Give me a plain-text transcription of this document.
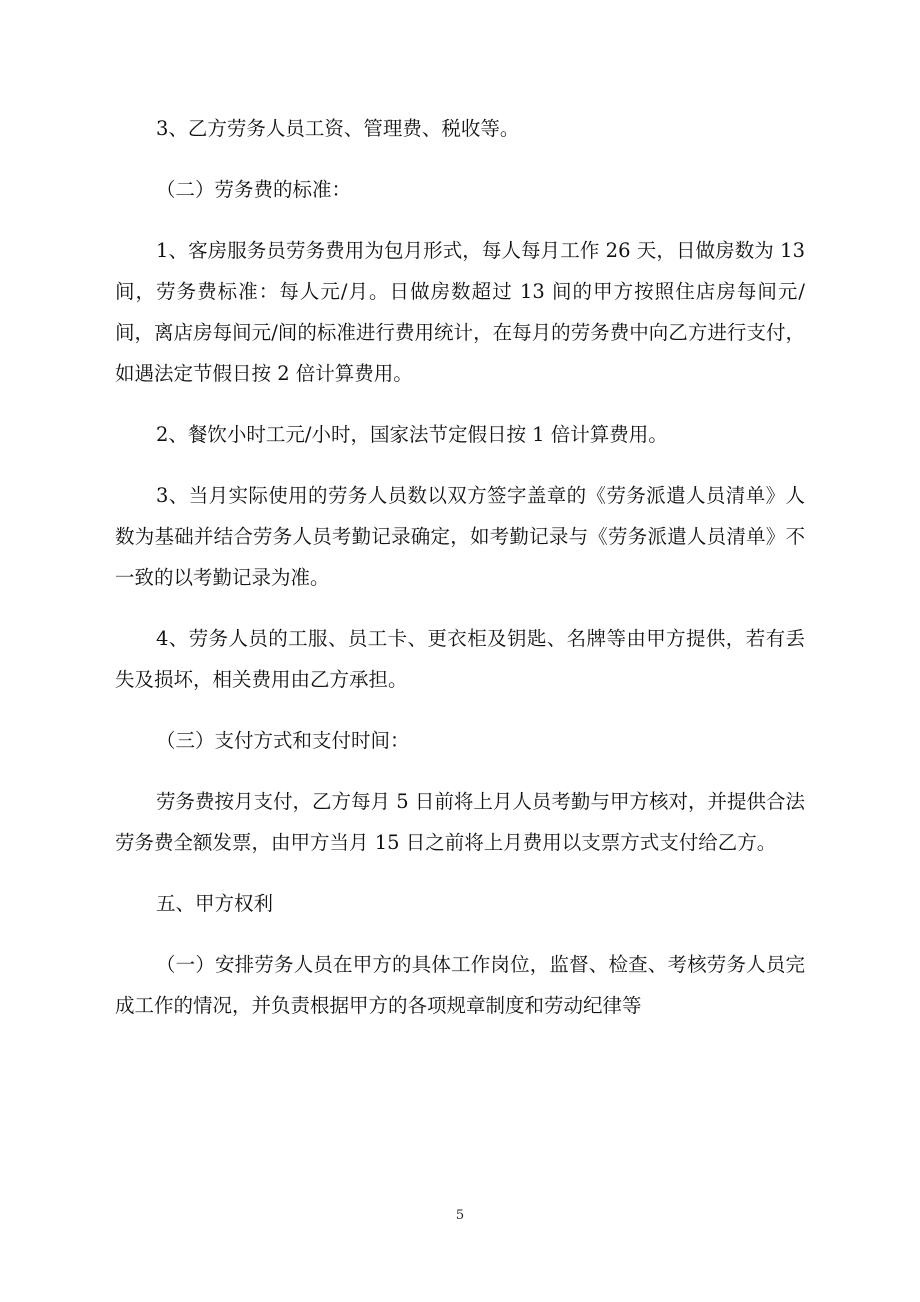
3、乙方劳务人员工资、管理费、税收等。

（二）劳务费的标准：

1、客房服务员劳务费用为包月形式，每人每月工作 26 天，日做房数为 13 间，劳务费标准：每人元/月。日做房数超过 13 间的甲方按照住店房每间元/间，离店房每间元/间的标准进行费用统计，在每月的劳务费中向乙方进行支付，如遇法定节假日按 2 倍计算费用。

2、餐饮小时工元/小时，国家法节定假日按 1 倍计算费用。

3、当月实际使用的劳务人员数以双方签字盖章的《劳务派遣人员清单》人数为基础并结合劳务人员考勤记录确定，如考勤记录与《劳务派遣人员清单》不一致的以考勤记录为准。

4、劳务人员的工服、员工卡、更衣柜及钥匙、名牌等由甲方提供，若有丢失及损坏，相关费用由乙方承担。

（三）支付方式和支付时间：

劳务费按月支付，乙方每月 5 日前将上月人员考勤与甲方核对，并提供合法劳务费全额发票，由甲方当月 15 日之前将上月费用以支票方式支付给乙方。

五、甲方权利

（一）安排劳务人员在甲方的具体工作岗位，监督、检查、考核劳务人员完成工作的情况，并负责根据甲方的各项规章制度和劳动纪律等

5
